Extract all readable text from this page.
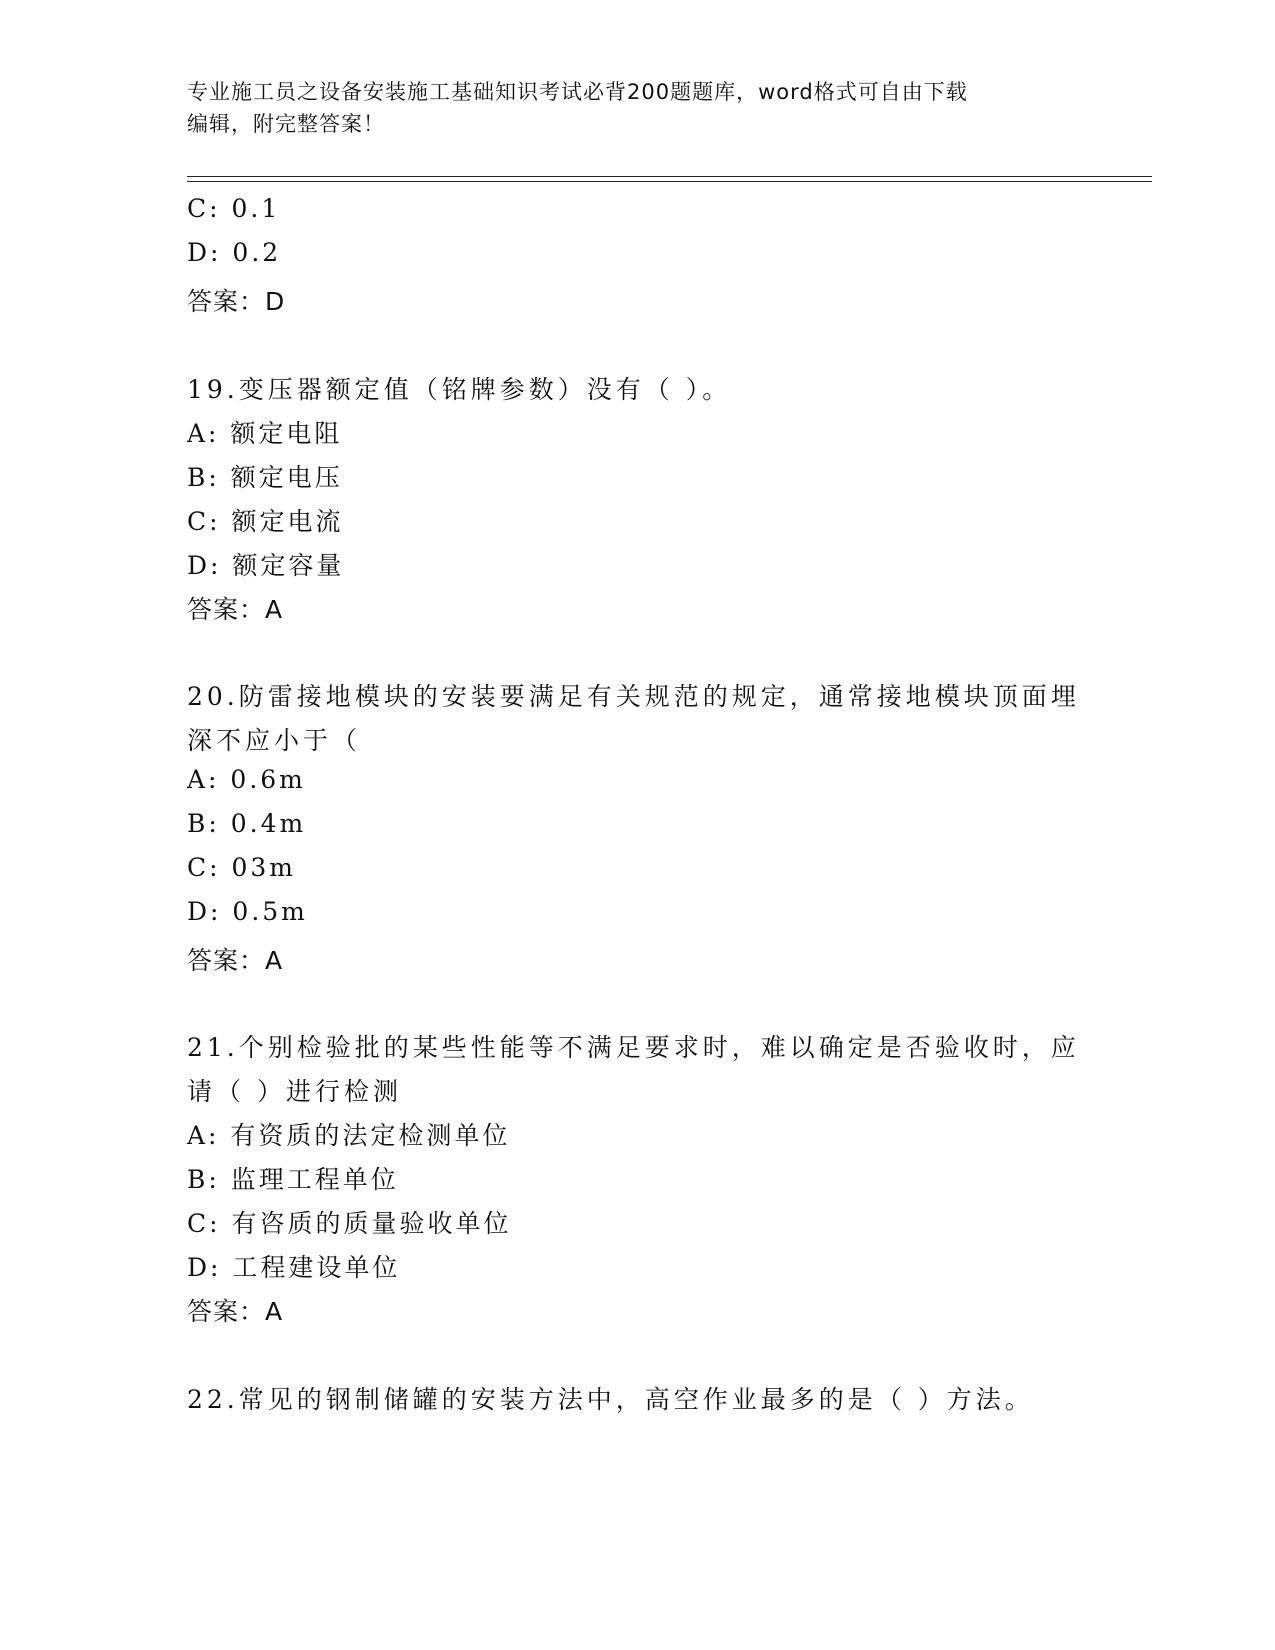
专业施工员之设备安装施工基础知识考试必背200题题库，word格式可自由下载
编辑，附完整答案！
C: 0.1
D: 0.2
答案：D
19.变压器额定值（铭牌参数）没有（ ）。
A: 额定电阻
B: 额定电压
C: 额定电流
D: 额定容量
答案：A
20.防雷接地模块的安装要满足有关规范的规定，通常接地模块顶面埋
深不应小于（
A: 0.6m
B: 0.4m
C: 03m
D: 0.5m
答案：A
21.个别检验批的某些性能等不满足要求时，难以确定是否验收时，应
请（ ）进行检测
A: 有资质的法定检测单位
B: 监理工程单位
C: 有咨质的质量验收单位
D: 工程建设单位
答案：A
22.常见的钢制储罐的安装方法中，高空作业最多的是（ ）方法。
